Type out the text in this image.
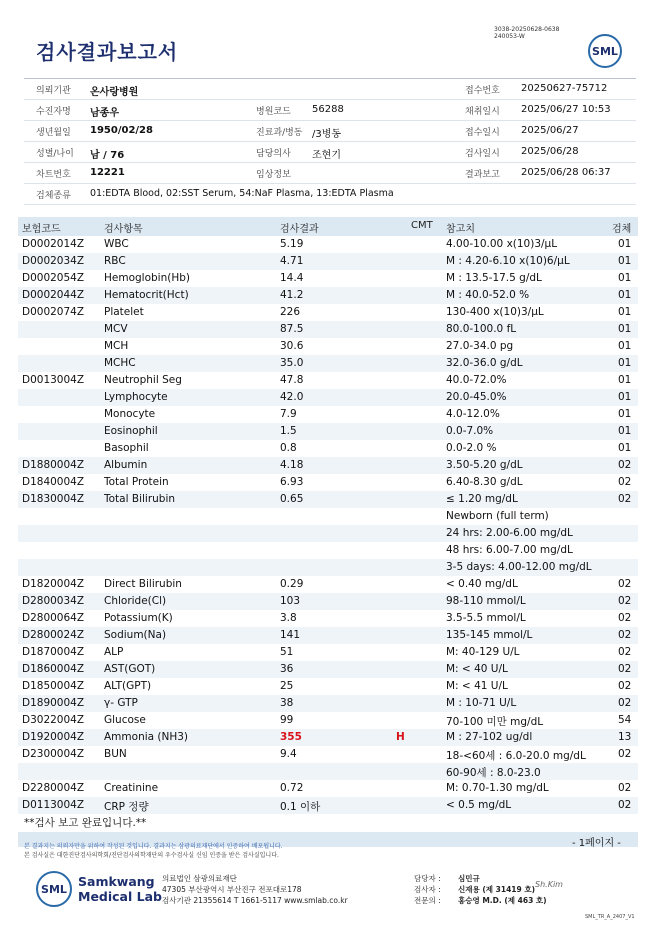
3038-20250628-0638
240053-W
검사결과보고서	SML
의뢰기관 온사랑병원	접수번호 20250627-75712
수진자명 남종우	병원코드 56288	채취일시 2025/06/27 10:53
생년월일 1950/02/28	진료과/병동 /3병동	접수일시 2025/06/27
성별/나이 남 / 76	담당의사 조현기	검사일시 2025/06/28
차트번호 12221	임상정보	결과보고 2025/06/28 06:37
검체종류 01:EDTA Blood, 02:SST Serum, 54:NaF Plasma, 13:EDTA Plasma
보험코드	검사항목	검사결과	CMT 참고치	검체
D0002014Z WBC	5.19	4.00-10.00 x(10)3/μL	01
D0002034Z RBC	4.71	M : 4.20-6.10 x(10)6/μL	01
D0002054Z Hemoglobin(Hb)	14.4	M : 13.5-17.5 g/dL	01
D0002044Z Hematocrit(Hct)	41.2	M : 40.0-52.0 %	01
D0002074Z Platelet	226	130-400 x(10)3/μL	01
MCV	87.5	80.0-100.0 fL	01
MCH	30.6	27.0-34.0 pg	01
MCHC	35.0	32.0-36.0 g/dL	01
D0013004Z Neutrophil Seg	47.8	40.0-72.0%	01
Lymphocyte	42.0	20.0-45.0%	01
Monocyte	7.9	4.0-12.0%	01
Eosinophil	1.5	0.0-7.0%	01
Basophil	0.8	0.0-2.0 %	01
D1880004Z Albumin	4.18	3.50-5.20 g/dL	02
D1840004Z Total Protein	6.93	6.40-8.30 g/dL	02
D1830004Z Total Bilirubin	0.65	≤ 1.20 mg/dL	02
Newborn (full term)
24 hrs: 2.00-6.00 mg/dL
48 hrs: 6.00-7.00 mg/dL
3-5 days: 4.00-12.00 mg/dL
D1820004Z Direct Bilirubin	0.29	< 0.40 mg/dL	02
D2800034Z Chloride(Cl)	103	98-110 mmol/L	02
D2800064Z Potassium(K)	3.8	3.5-5.5 mmol/L	02
D2800024Z Sodium(Na)	141	135-145 mmol/L	02
D1870004Z ALP	51	M: 40-129 U/L	02
D1860004Z AST(GOT)	36	M: < 40 U/L	02
D1850004Z ALT(GPT)	25	M: < 41 U/L	02
D1890004Z γ- GTP	38	M : 10-71 U/L	02
D3022004Z Glucose	99	70-100 미만 mg/dL	54
D1920004Z Ammonia (NH3)	355	H	M : 27-102 ug/dl	13
D2300004Z BUN	9.4	18-<60세 : 6.0-20.0 mg/dL	02
60-90세 : 8.0-23.0
D2280004Z Creatinine	0.72	M: 0.70-1.30 mg/dL	02
D0113004Z CRP 정량	0.1 이하	< 0.5 mg/dL	02
**검사 보고 완료입니다.**
- 1페이지 -
본 결과지는 의뢰자만을 위하여 작성된 것입니다. 결과지는 삼광의료재단에서 인증하여 배포됩니다.
본 검사실은 대한진단검사의학회/진단검사의학재단의 우수검사실 신임 인증을 받은 검사실입니다.
SML Samkwang
Medical Lab
의료법인 삼광의료재단
47305 부산광역시 부산진구 전포대로178
검사기관 21355614 T 1661-5117 www.smlab.co.kr
담당자 : 심민규
검사자 : 신재용 (제 31419 호)
전문의 : 홍승영 M.D. (제 463 호)
Sh.Kim
SML_TR_A_2407_V1
